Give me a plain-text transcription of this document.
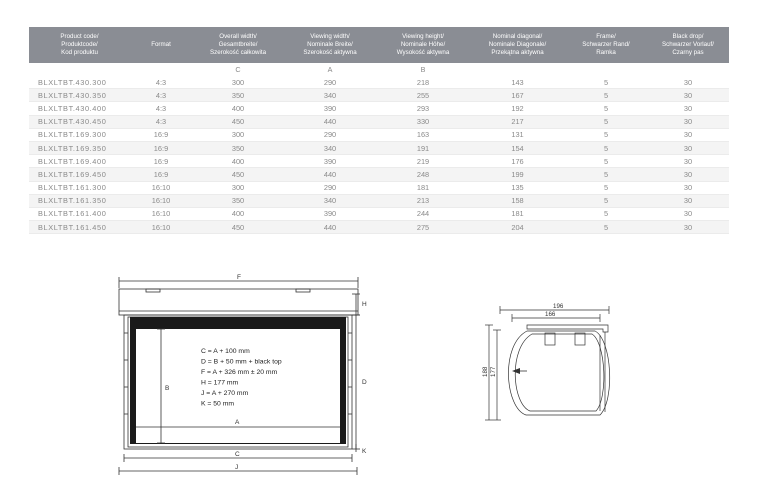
Product code/
Produktcode/
Kod produktu	Format	Overall width/
Gesamtbreite/
Szerokość całkowita	Viewing width/
Nominale Breite/
Szerokość aktywna	Viewing height/
Nominale Höhe/
Wysokość aktywna	Nominal diagonal/
Nominale Diagonale/
Przekątna aktywna	Frame/
Schwarzer Rand/
Ramka	Black drop/
Schwarzer Vorlauf/
Czarny pas
		C	A	B			
BLXLTBT.430.300	4:3	300	290	218	143	5	30
BLXLTBT.430.350	4:3	350	340	255	167	5	30
BLXLTBT.430.400	4:3	400	390	293	192	5	30
BLXLTBT.430.450	4:3	450	440	330	217	5	30
BLXLTBT.169.300	16:9	300	290	163	131	5	30
BLXLTBT.169.350	16:9	350	340	191	154	5	30
BLXLTBT.169.400	16:9	400	390	219	176	5	30
BLXLTBT.169.450	16:9	450	440	248	199	5	30
BLXLTBT.161.300	16:10	300	290	181	135	5	30
BLXLTBT.161.350	16:10	350	340	213	158	5	30
BLXLTBT.161.400	16:10	400	390	244	181	5	30
BLXLTBT.161.450	16:10	450	440	275	204	5	30
F
H
D
B
A
K
C
J
C = A + 100 mm
D = B + 50 mm + black top
F = A + 326 mm ± 20 mm
H = 177 mm
J = A + 270 mm
K = 50 mm
196
166
188 177
